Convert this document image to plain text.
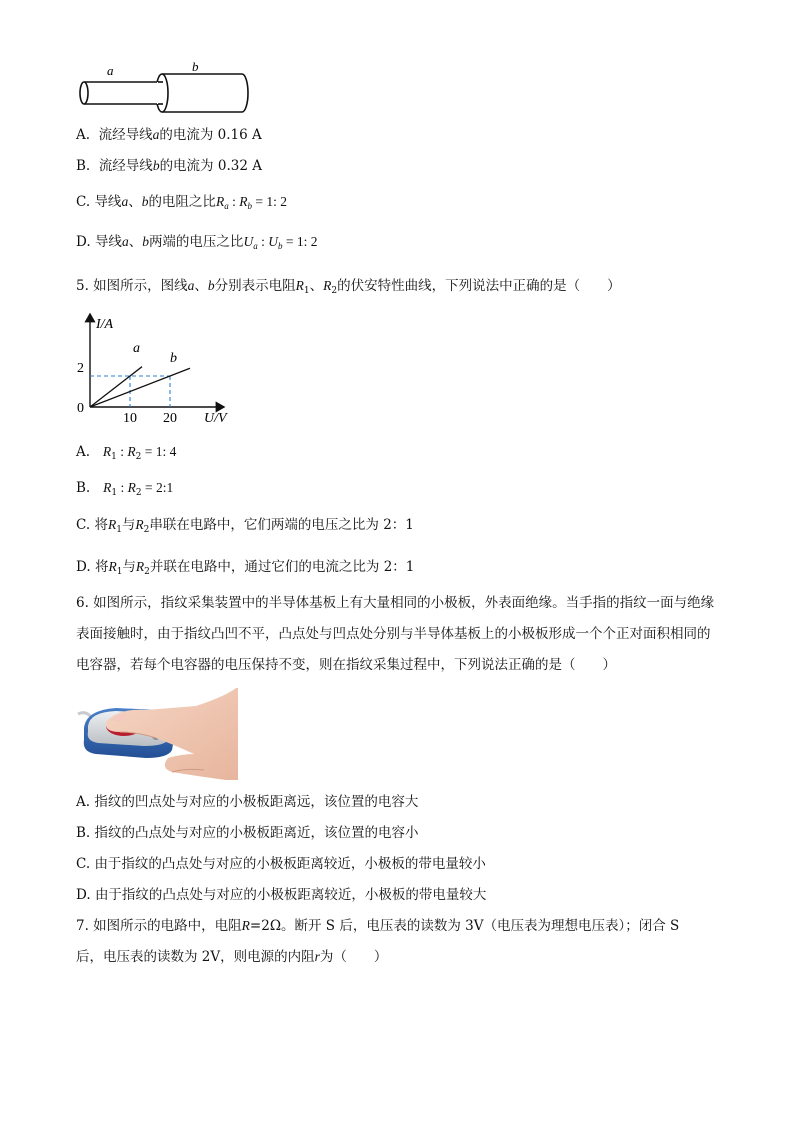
a	b
A. 流经导线a的电流为 0.16 A
B. 流经导线b的电流为 0.32 A
C. 导线a、b的电阻之比$R_a$ : $R_b = 1$: 2
D. 导线a、b两端的电压之比$U_a$ : $U_b = 1$: 2
5. 如图所示，图线a、b分别表示电阻$R_1$、$R_2$的伏安特性曲线，下列说法中正确的是（　　）
I/A
U/V
0
2
10 20
a
b
A. $R_1$ : $R_2 = 1$: 4
B. $R_1$ : $R_2$ = 2:1
C. 将$R_1$与$R_2$串联在电路中，它们两端的电压之比为 2：1
D. 将$R_1$与$R_2$并联在电路中，通过它们的电流之比为 2：1
6. 如图所示，指纹采集装置中的半导体基板上有大量相同的小极板，外表面绝缘。当手指的指纹一面与绝缘表面接触时，由于指纹凸凹不平，凸点处与凹点处分别与半导体基板上的小极板形成一个个正对面积相同的电容器，若每个电容器的电压保持不变，则在指纹采集过程中，下列说法正确的是（　　）
A. 指纹的凹点处与对应的小极板距离远，该位置的电容大
B. 指纹的凸点处与对应的小极板距离近，该位置的电容小
C. 由于指纹的凸点处与对应的小极板距离较近，小极板的带电量较小
D. 由于指纹的凸点处与对应的小极板距离较近，小极板的带电量较大
7. 如图所示的电路中，电阻R=2Ω。断开 S 后，电压表的读数为 3V（电压表为理想电压表）；闭合 S
后，电压表的读数为 2V，则电源的内阻r为（　　）
